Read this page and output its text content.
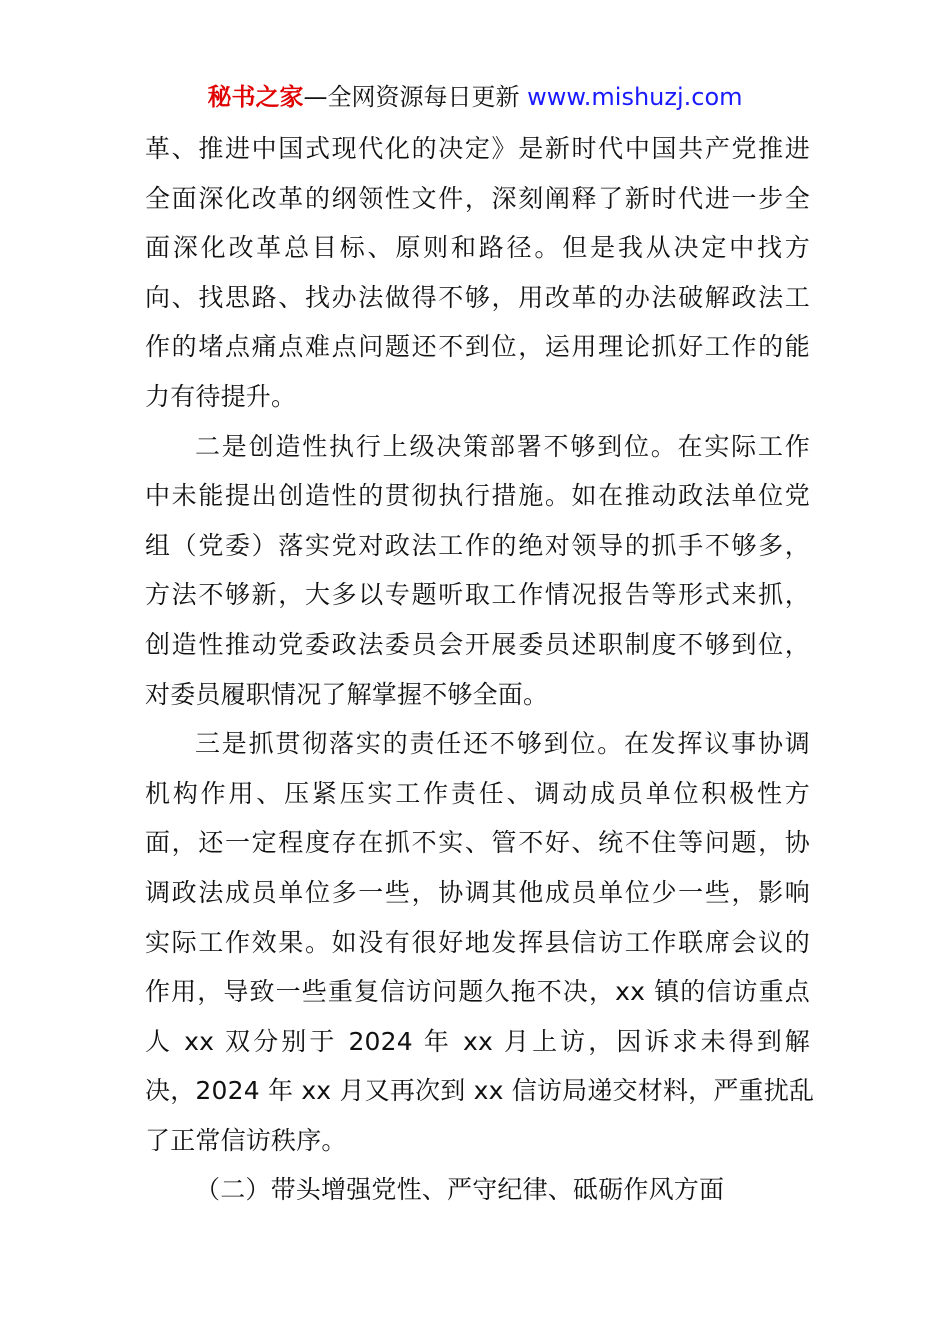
秘书之家—全网资源每日更新 www.mishuzj.com
革、推进中国式现代化的决定》是新时代中国共产党推进
全面深化改革的纲领性文件，深刻阐释了新时代进一步全
面深化改革总目标、原则和路径。但是我从决定中找方
向、找思路、找办法做得不够，用改革的办法破解政法工
作的堵点痛点难点问题还不到位，运用理论抓好工作的能
力有待提升。
二是创造性执行上级决策部署不够到位。在实际工作
中未能提出创造性的贯彻执行措施。如在推动政法单位党
组（党委）落实党对政法工作的绝对领导的抓手不够多，
方法不够新，大多以专题听取工作情况报告等形式来抓，
创造性推动党委政法委员会开展委员述职制度不够到位，
对委员履职情况了解掌握不够全面。
三是抓贯彻落实的责任还不够到位。在发挥议事协调
机构作用、压紧压实工作责任、调动成员单位积极性方
面，还一定程度存在抓不实、管不好、统不住等问题，协
调政法成员单位多一些，协调其他成员单位少一些，影响
实际工作效果。如没有很好地发挥县信访工作联席会议的
作用，导致一些重复信访问题久拖不决，xx 镇的信访重点
人 xx 双分别于 2024 年 xx 月上访，因诉求未得到解
决，2024 年 xx 月又再次到 xx 信访局递交材料，严重扰乱
了正常信访秩序。
（二）带头增强党性、严守纪律、砥砺作风方面
